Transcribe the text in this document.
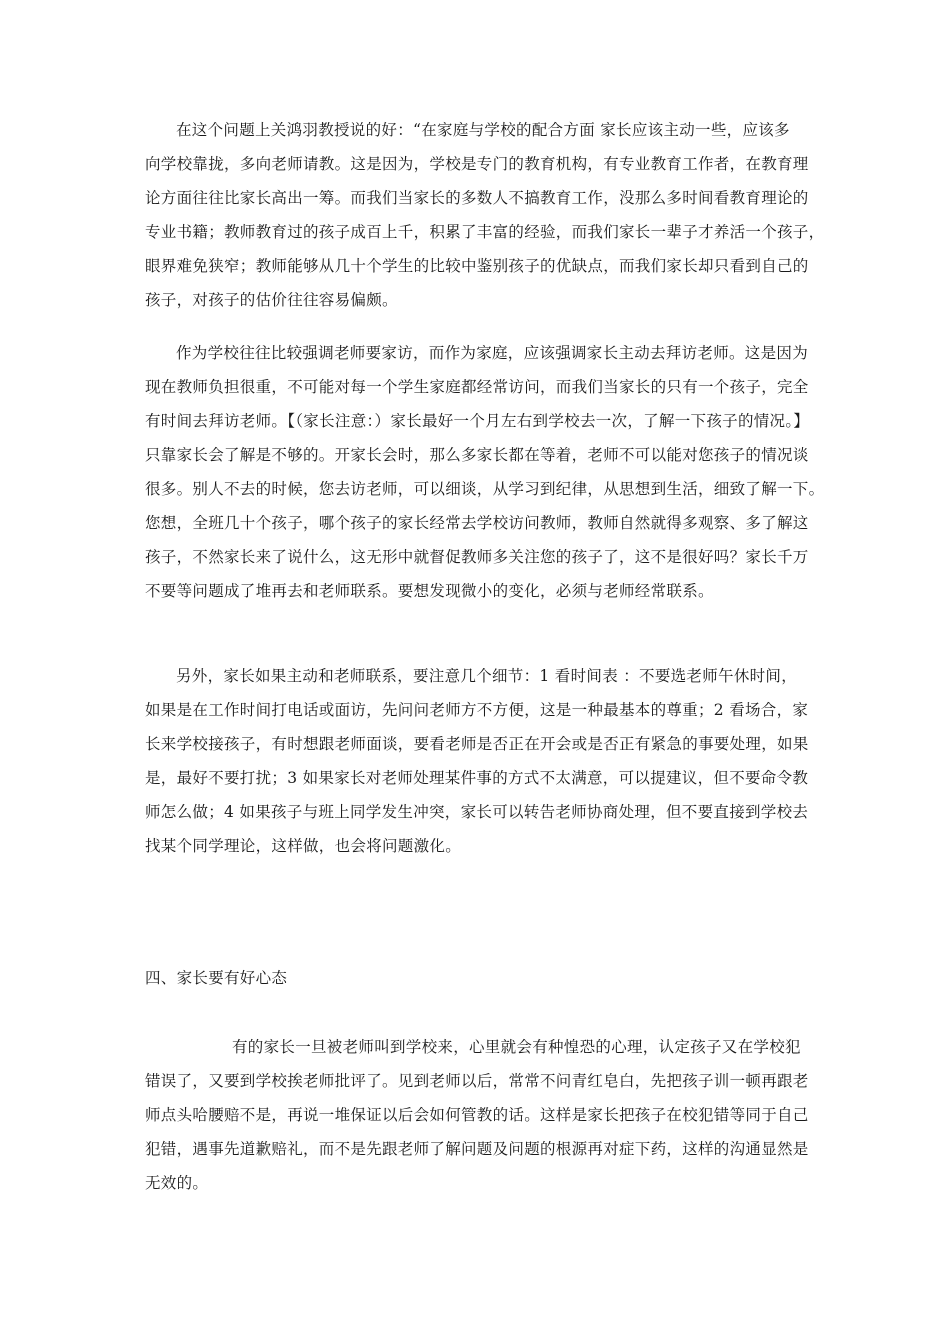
在这个问题上关鸿羽教授说的好：“在家庭与学校的配合方面 家长应该主动一些，应该多
向学校靠拢，多向老师请教。这是因为，学校是专门的教育机构，有专业教育工作者，在教育理
论方面往往比家长高出一筹。而我们当家长的多数人不搞教育工作，没那么多时间看教育理论的
专业书籍；教师教育过的孩子成百上千，积累了丰富的经验，而我们家长一辈子才养活一个孩子，
眼界难免狭窄；教师能够从几十个学生的比较中鉴别孩子的优缺点，而我们家长却只看到自己的
孩子，对孩子的估价往往容易偏颇。
作为学校往往比较强调老师要家访，而作为家庭，应该强调家长主动去拜访老师。这是因为
现在教师负担很重，不可能对每一个学生家庭都经常访问，而我们当家长的只有一个孩子，完全
有时间去拜访老师。【（家长注意：）家长最好一个月左右到学校去一次，了解一下孩子的情况。】
只靠家长会了解是不够的。开家长会时，那么多家长都在等着，老师不可以能对您孩子的情况谈
很多。别人不去的时候，您去访老师，可以细谈，从学习到纪律，从思想到生活，细致了解一下。
您想，全班几十个孩子，哪个孩子的家长经常去学校访问教师，教师自然就得多观察、多了解这
孩子，不然家长来了说什么，这无形中就督促教师多关注您的孩子了，这不是很好吗？家长千万
不要等问题成了堆再去和老师联系。要想发现微小的变化，必须与老师经常联系。
另外，家长如果主动和老师联系，要注意几个细节：1 看时间表 ：不要选老师午休时间，
如果是在工作时间打电话或面访，先问问老师方不方便，这是一种最基本的尊重；2 看场合，家
长来学校接孩子，有时想跟老师面谈，要看老师是否正在开会或是否正有紧急的事要处理，如果
是，最好不要打扰；3 如果家长对老师处理某件事的方式不太满意，可以提建议，但不要命令教
师怎么做；4 如果孩子与班上同学发生冲突，家长可以转告老师协商处理，但不要直接到学校去
找某个同学理论，这样做，也会将问题激化。
四、家长要有好心态
有的家长一旦被老师叫到学校来，心里就会有种惶恐的心理，认定孩子又在学校犯
错误了，又要到学校挨老师批评了。见到老师以后，常常不问青红皂白，先把孩子训一顿再跟老
师点头哈腰赔不是，再说一堆保证以后会如何管教的话。这样是家长把孩子在校犯错等同于自己
犯错，遇事先道歉赔礼，而不是先跟老师了解问题及问题的根源再对症下药，这样的沟通显然是
无效的。
